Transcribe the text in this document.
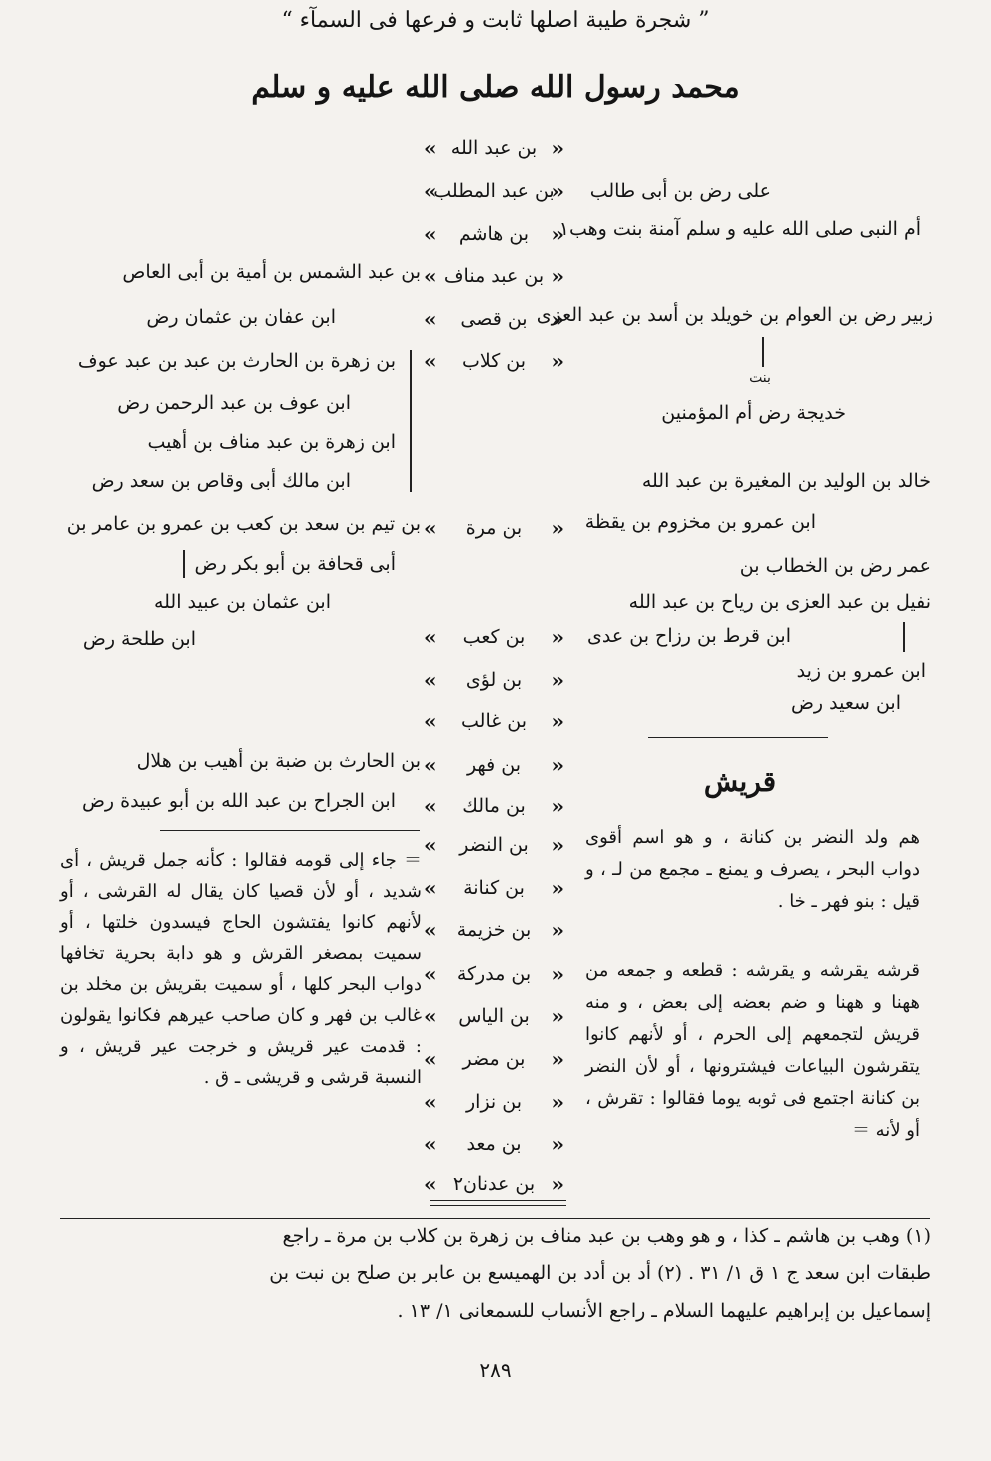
” شجرة طيبة اصلها ثابت و فرعها فى السمآء “
محمد رسول الله صلى الله عليه و سلم
« بن عبد الله »
« بن عبد المطلب »
« بن هاشم »
« بن عبد مناف »
« بن قصى »
« بن كلاب »
« بن مرة »
« بن كعب »
« بن لؤى »
« بن غالب »
« بن فهر »
« بن مالك »
« بن النضر »
« بن كنانة »
« بن خزيمة »
« بن مدركة »
« بن الياس »
« بن مضر »
« بن نزار »
« بن معد »
« بن عدنان٢ »
على رض بن أبى طالب
أم النبى صلى الله عليه و سلم آمنة بنت وهب١
زبير رض بن العوام بن خويلد بن أسد بن عبد العزى
بنت
خديجة رض أم المؤمنين
خالد بن الوليد بن المغيرة بن عبد الله
ابن عمرو بن مخزوم بن يقظة
عمر رض بن الخطاب بن
نفيل بن عبد العزى بن رياح بن عبد الله
ابن قرط بن رزاح بن عدى
ابن عمرو بن زيد
ابن سعيد رض
بن عبد الشمس بن أمية بن أبى العاص
ابن عفان بن عثمان رض
بن زهرة بن الحارث بن عبد بن عبد عوف
ابن عوف بن عبد الرحمن رض
ابن زهرة بن عبد مناف بن أهيب
ابن مالك أبى وقاص بن سعد رض
بن تيم بن سعد بن كعب بن عمرو بن عامر بن
أبى قحافة بن أبو بكر رض
ابن عثمان بن عبيد الله
ابن طلحة رض
بن الحارث بن ضبة بن أهيب بن هلال
ابن الجراح بن عبد الله بن أبو عبيدة رض
قريش
هم ولد النضر بن كنانة ، و هو اسم أقوى دواب البحر ، يصرف و يمنع ـ مجمع من لـ ، و قيل : بنو فهر ـ خا .
قرشه يقرشه و يقرشه : قطعه و جمعه من ههنا و ههنا و ضم بعضه إلى بعض ، و منه قريش لتجمعهم إلى الحرم ، أو لأنهم كانوا يتقرشون البياعات فيشترونها ، أو لأن النضر بن كنانة اجتمع فى ثوبه يوما فقالوا : تقرش ، أو لأنه ＝
＝ جاء إلى قومه فقالوا : كأنه جمل قريش ، أى شديد ، أو لأن قصيا كان يقال له القرشى ، أو لأنهم كانوا يفتشون الحاج فيسدون خلتها ، أو سميت بمصغر القرش و هو دابة بحرية تخافها دواب البحر كلها ، أو سميت بقريش بن مخلد بن غالب بن فهر و كان صاحب عيرهم فكانوا يقولون : قدمت عير قريش و خرجت عير قريش ، و النسبة قرشى و قريشى ـ ق .
(١) وهب بن هاشم ـ كذا ، و هو وهب بن عبد مناف بن زهرة بن كلاب بن مرة ـ راجع
طبقات ابن سعد ج ١ ق ١/ ٣١ . (٢) أد بن أدد بن الهميسع بن عابر بن صلح بن نبت بن
إسماعيل بن إبراهيم عليهما السلام ـ راجع الأنساب للسمعانى ١/ ١٣ .
٢٨٩
